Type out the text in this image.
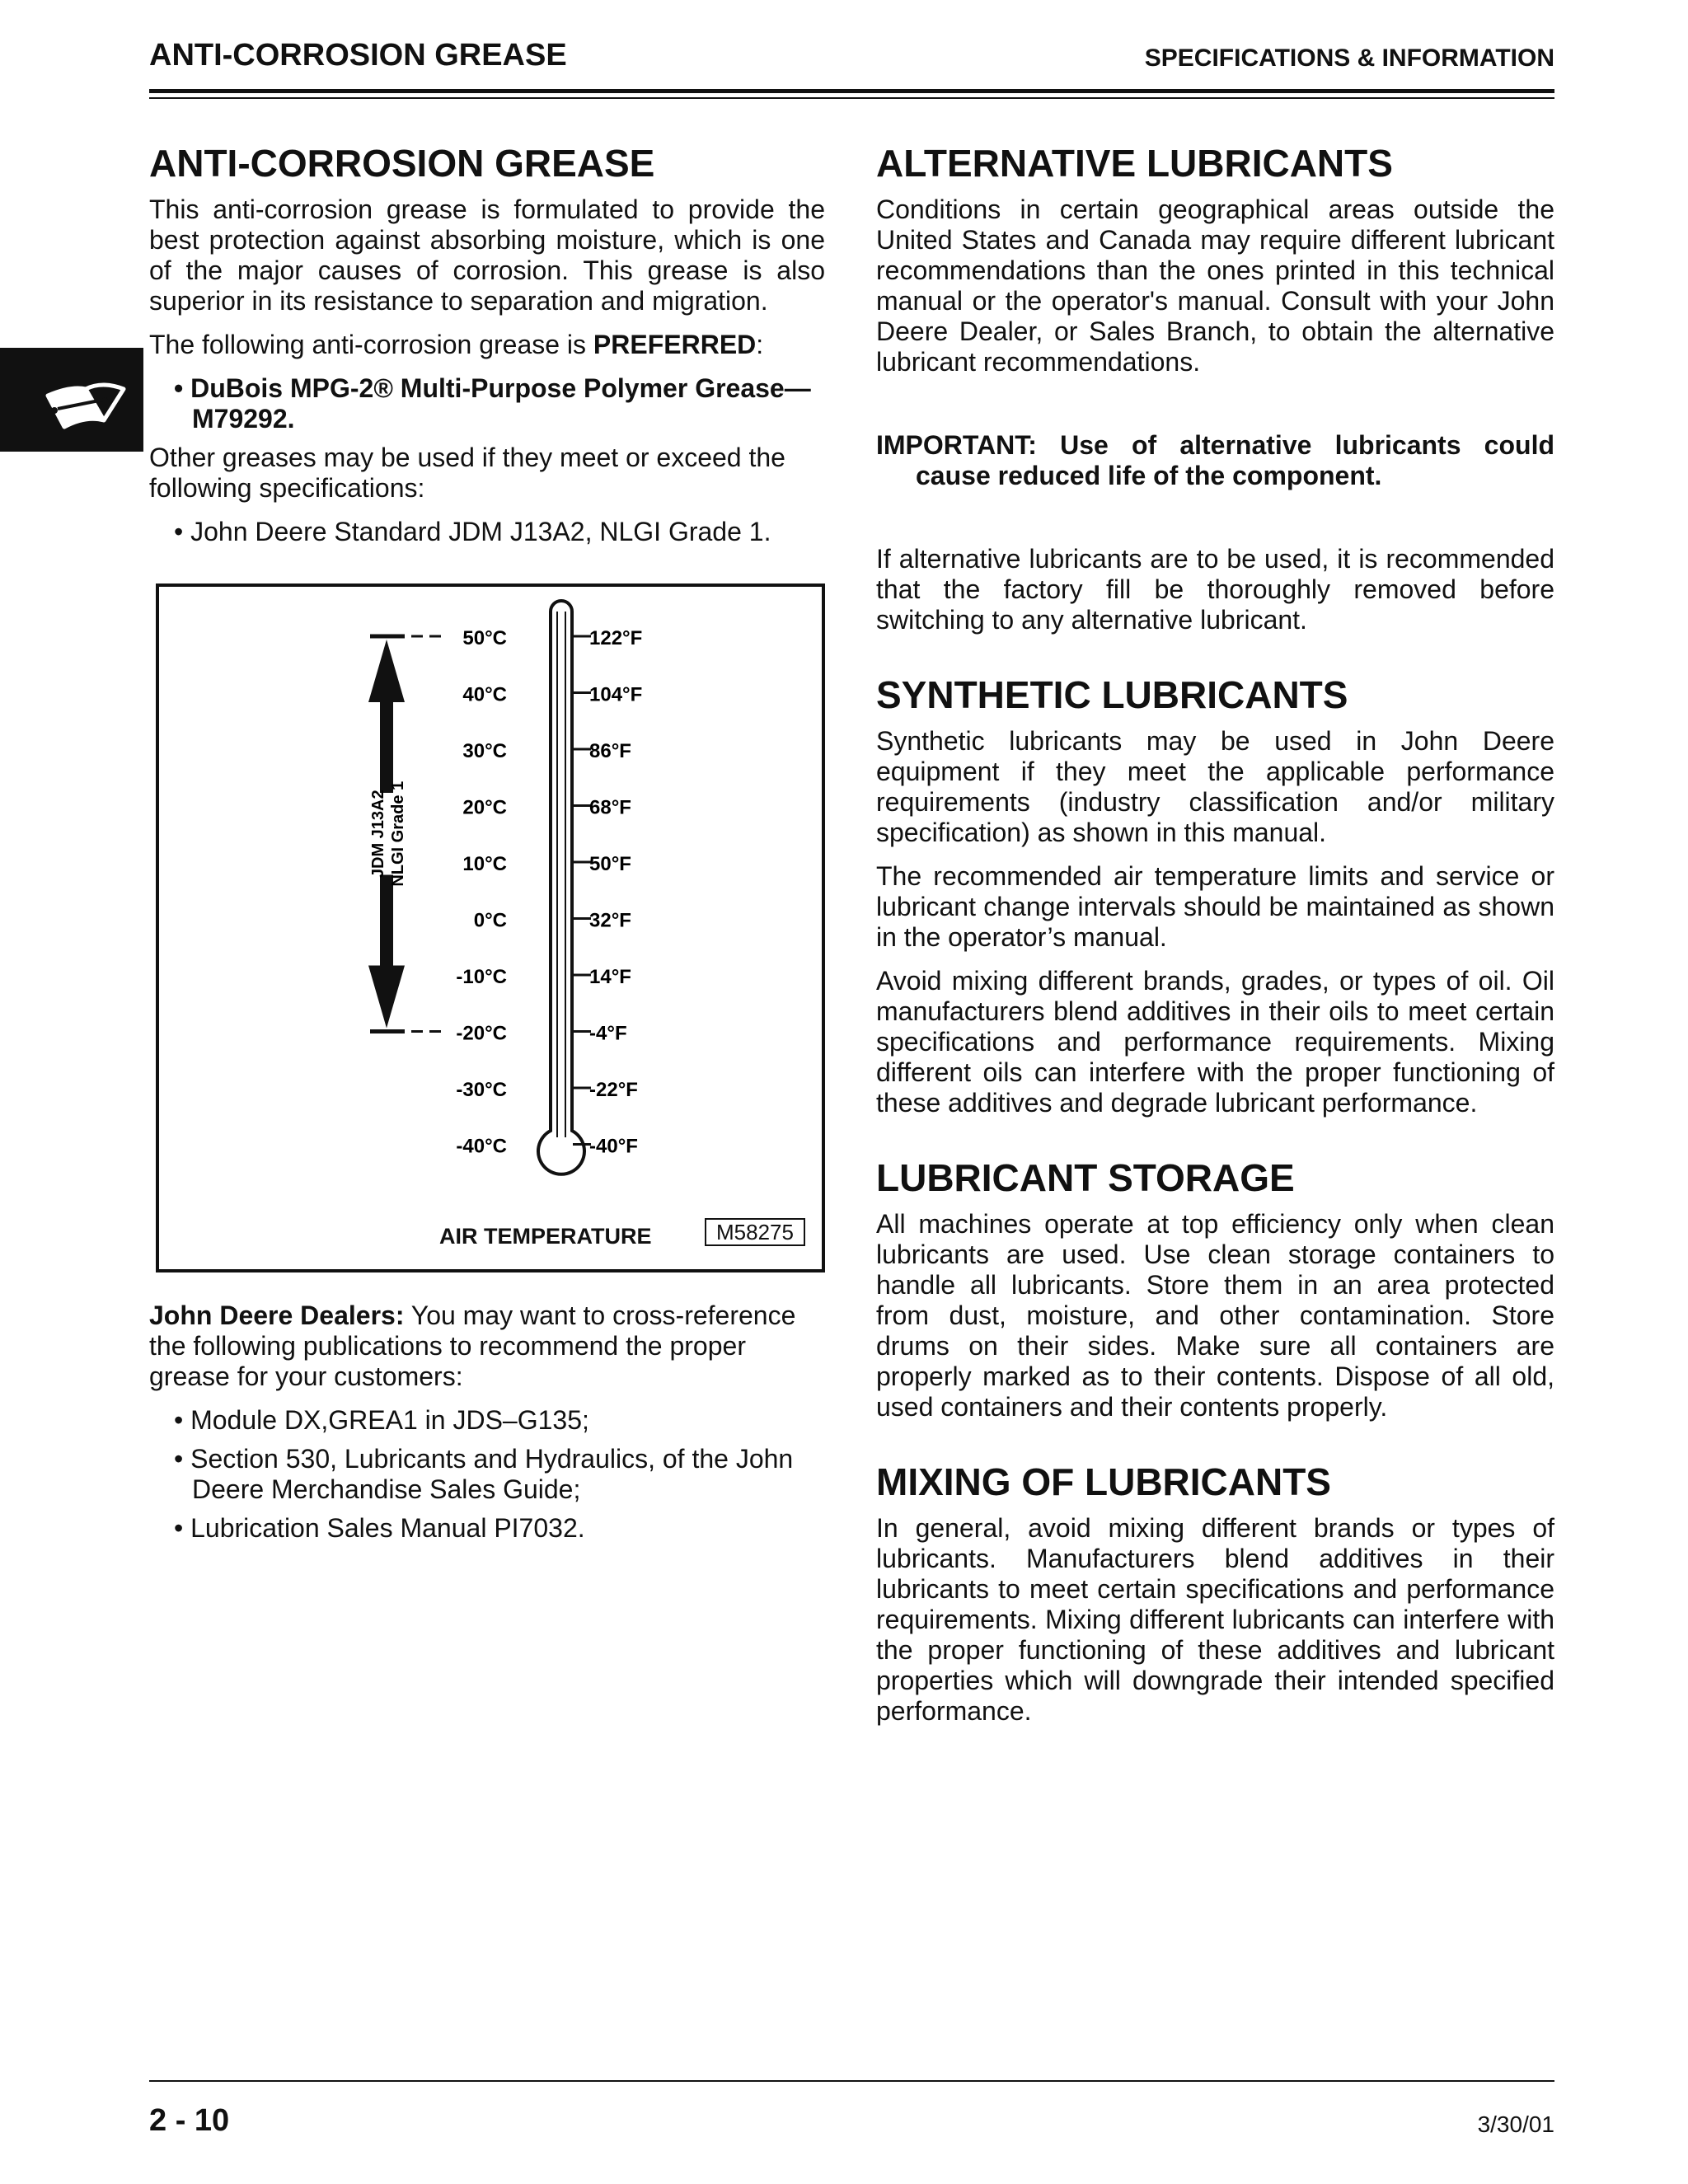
ANTI-CORROSION GREASE	SPECIFICATIONS & INFORMATION
ANTI-CORROSION GREASE

This anti-corrosion grease is formulated to provide the best protection against absorbing moisture, which is one of the major causes of corrosion. This grease is also superior in its resistance to separation and migration.

The following anti-corrosion grease is PREFERRED:

• DuBois MPG-2® Multi-Purpose Polymer Grease—M79292.

Other greases may be used if they meet or exceed the following specifications:

• John Deere Standard JDM J13A2, NLGI Grade 1.
50°C	122°F
40°C	104°F
30°C	86°F
20°C	68°F
10°C	50°F
0°C	32°F
-10°C	14°F
-20°C	-4°F
-30°C	-22°F
-40°C	-40°F
JDM J13A2 NLGI Grade 1
AIR TEMPERATURE	M58275

John Deere Dealers: You may want to cross-reference the following publications to recommend the proper grease for your customers:

• Module DX,GREA1 in JDS–G135;
• Section 530, Lubricants and Hydraulics, of the John Deere Merchandise Sales Guide;
• Lubrication Sales Manual PI7032.
ALTERNATIVE LUBRICANTS

Conditions in certain geographical areas outside the United States and Canada may require different lubricant recommendations than the ones printed in this technical manual or the operator's manual. Consult with your John Deere Dealer, or Sales Branch, to obtain the alternative lubricant recommendations.

IMPORTANT: Use of alternative lubricants could cause reduced life of the component.

If alternative lubricants are to be used, it is recommended that the factory fill be thoroughly removed before switching to any alternative lubricant.

SYNTHETIC LUBRICANTS

Synthetic lubricants may be used in John Deere equipment if they meet the applicable performance requirements (industry classification and/or military specification) as shown in this manual.

The recommended air temperature limits and service or lubricant change intervals should be maintained as shown in the operator’s manual.

Avoid mixing different brands, grades, or types of oil. Oil manufacturers blend additives in their oils to meet certain specifications and performance requirements. Mixing different oils can interfere with the proper functioning of these additives and degrade lubricant performance.

LUBRICANT STORAGE

All machines operate at top efficiency only when clean lubricants are used. Use clean storage containers to handle all lubricants. Store them in an area protected from dust, moisture, and other contamination. Store drums on their sides. Make sure all containers are properly marked as to their contents. Dispose of all old, used containers and their contents properly.

MIXING OF LUBRICANTS

In general, avoid mixing different brands or types of lubricants. Manufacturers blend additives in their lubricants to meet certain specifications and performance requirements. Mixing different lubricants can interfere with the proper functioning of these additives and lubricant properties which will downgrade their intended specified performance.

2 - 10	3/30/01
